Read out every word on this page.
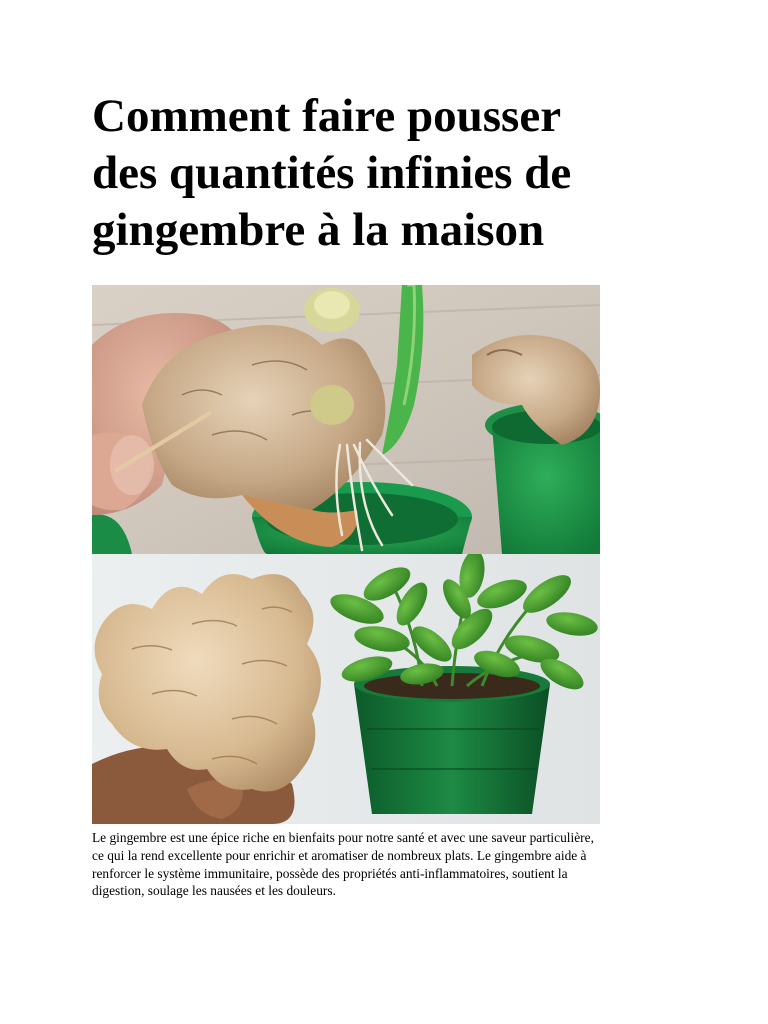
Comment faire pousser
des quantités infinies de
gingembre à la maison

Le gingembre est une épice riche en bienfaits pour notre santé et avec une saveur particulière,
ce qui la rend excellente pour enrichir et aromatiser de nombreux plats. Le gingembre aide à
renforcer le système immunitaire, possède des propriétés anti-inflammatoires, soutient la
digestion, soulage les nausées et les douleurs.
